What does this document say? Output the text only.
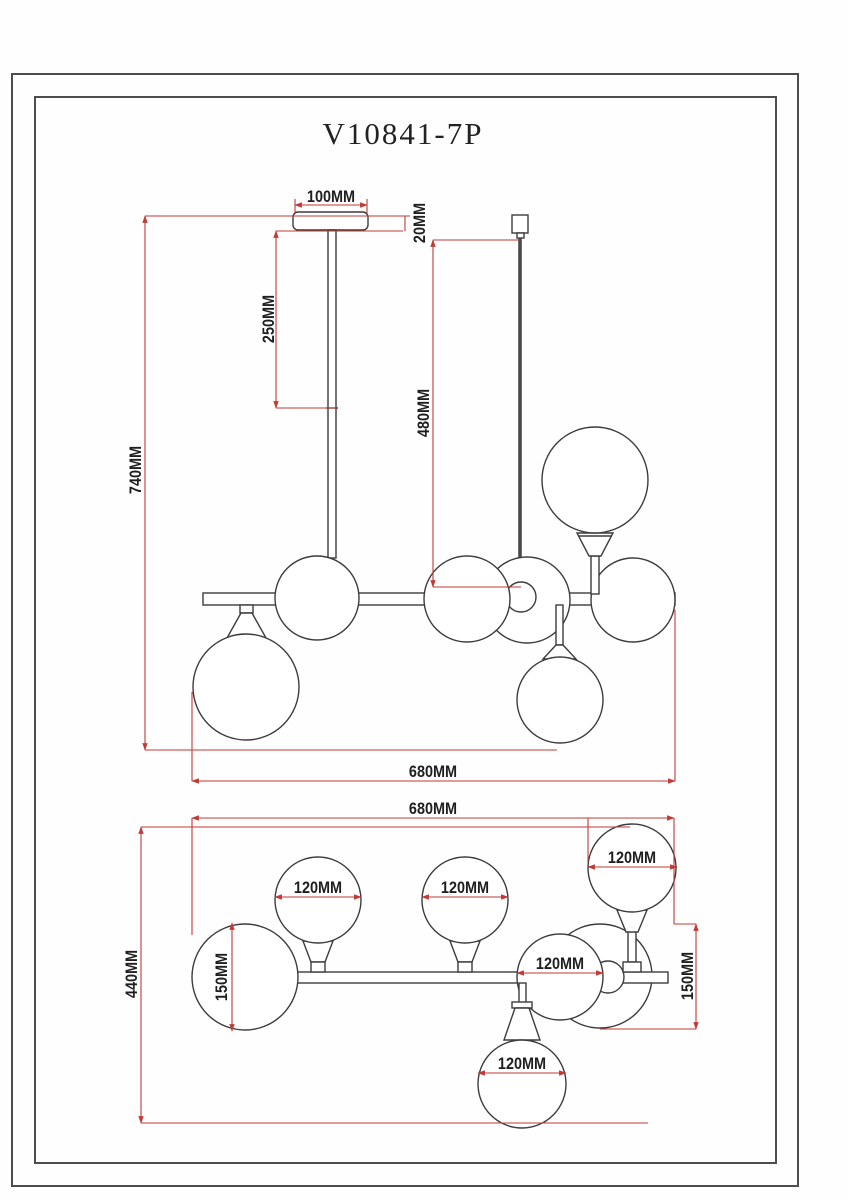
V10841-7P
100MM
20MM
250MM
740MM
480MM
680MM
680MM
440MM	150MM
120MM	120MM
120MM
120MM	150MM
120MM
